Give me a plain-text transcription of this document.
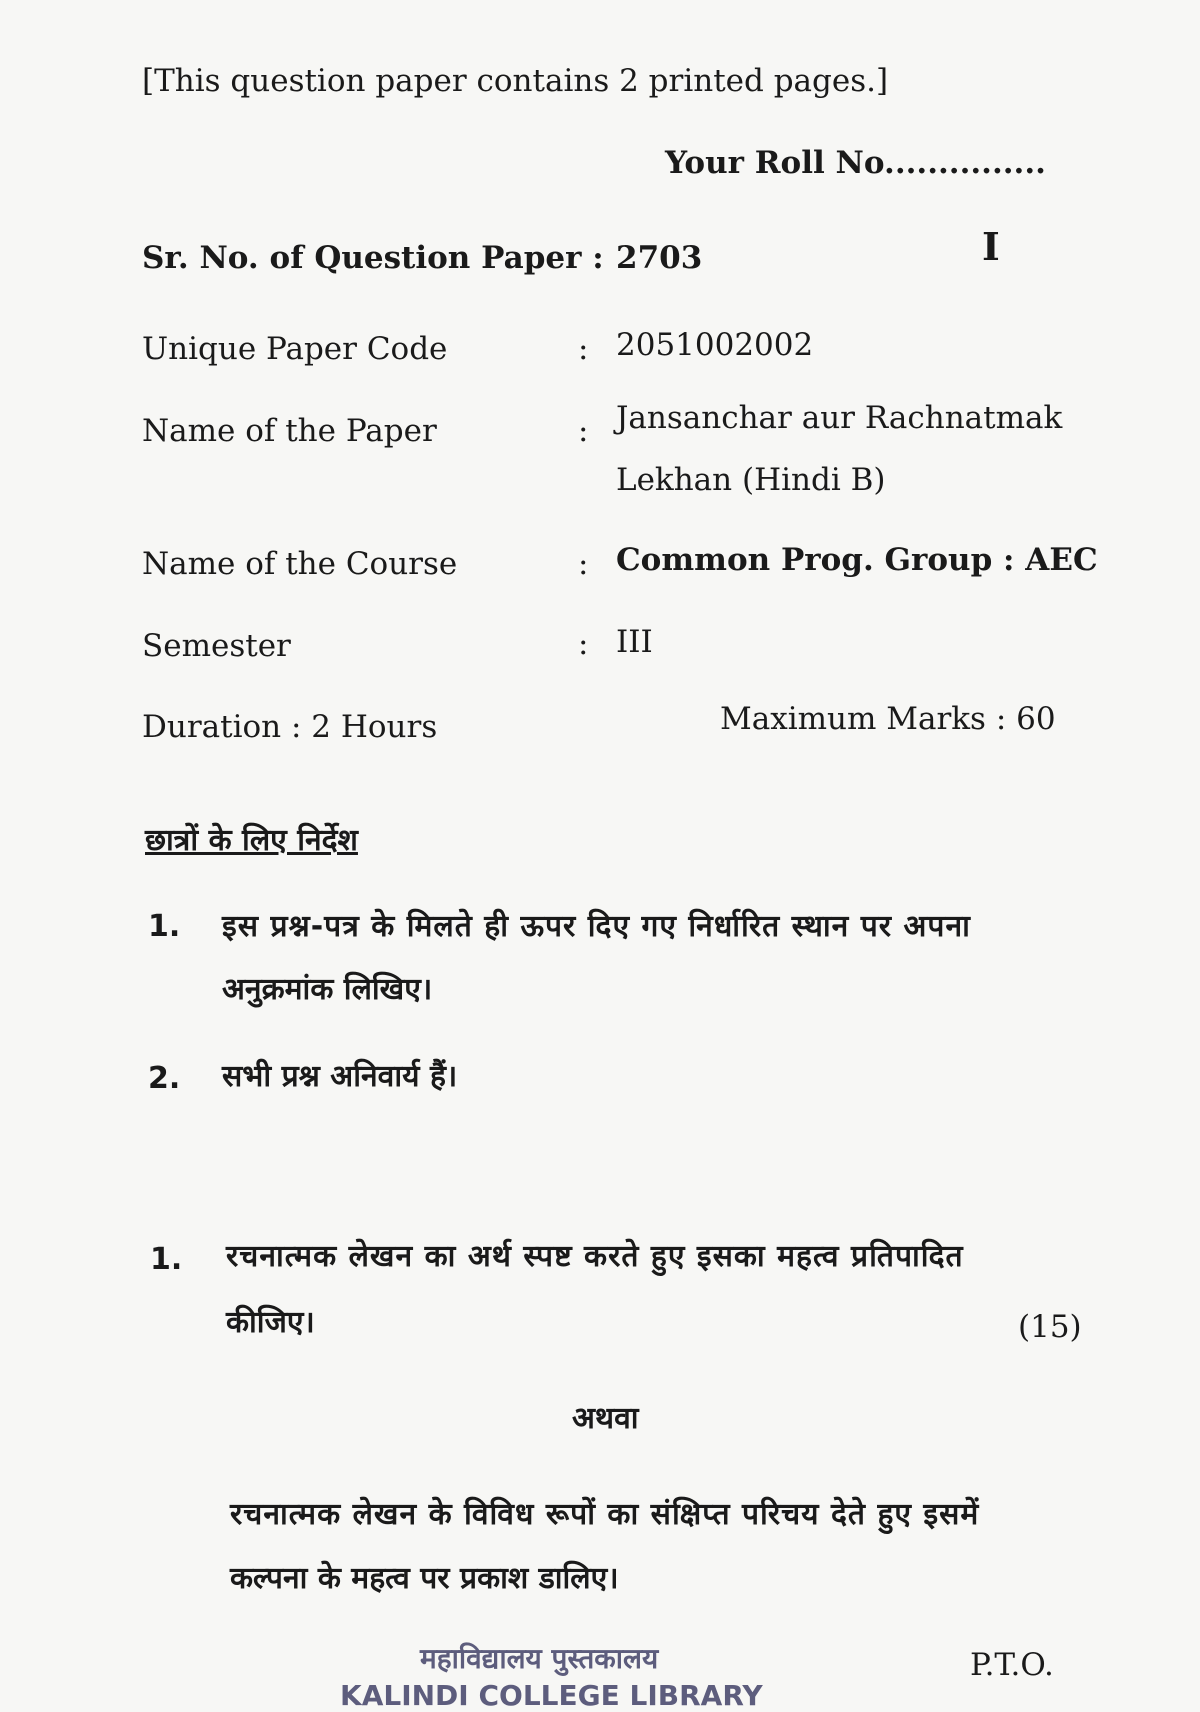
[This question paper contains 2 printed pages.]
Your Roll No...............
Sr. No. of Question Paper : 2703	I
Unique Paper Code	: 2051002002
Name of the Paper	: Jansanchar aur Rachnatmak
Lekhan (Hindi B)
Name of the Course	: Common Prog. Group : AEC
Semester	: III
Duration : 2 Hours	Maximum Marks : 60
छात्रों के लिए निर्देश
1. इस प्रश्न-पत्र के मिलते ही ऊपर दिए गए निर्धारित स्थान पर अपना
अनुक्रमांक लिखिए।
2. सभी प्रश्न अनिवार्य हैं।
1. रचनात्मक लेखन का अर्थ स्पष्ट करते हुए इसका महत्व प्रतिपादित
कीजिए।	(15)
अथवा
रचनात्मक लेखन के विविध रूपों का संक्षिप्त परिचय देते हुए इसमें
कल्पना के महत्व पर प्रकाश डालिए।
महाविद्यालय पुस्तकालय
KALINDI COLLEGE LIBRARY
P.T.O.
